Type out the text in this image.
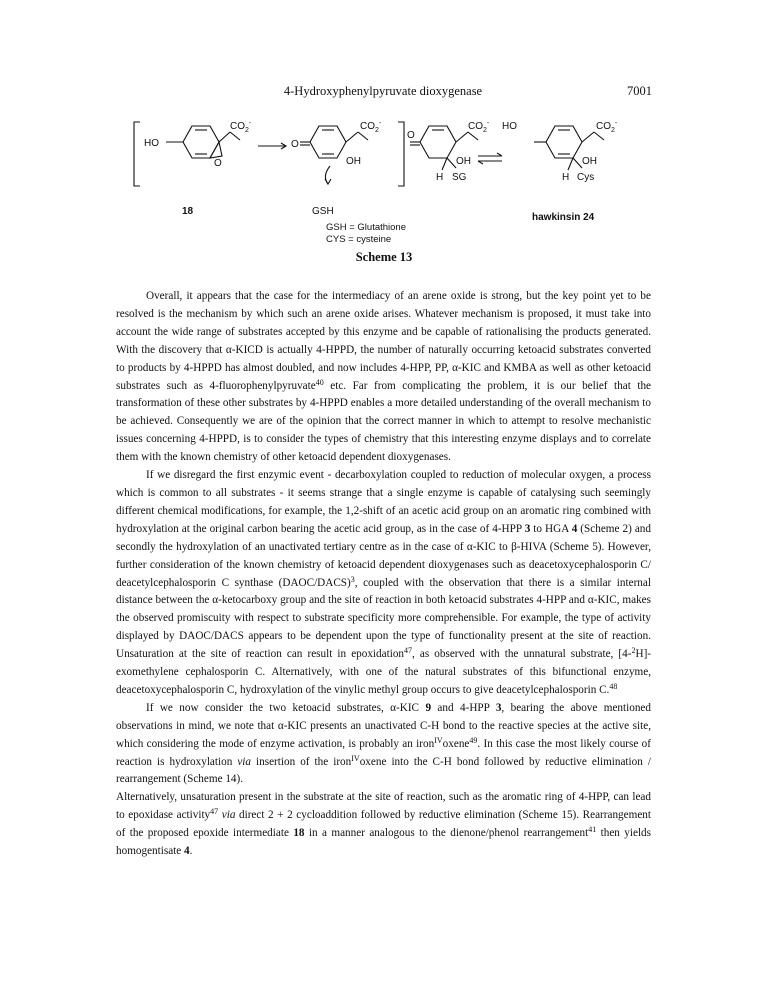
4-Hydroxyphenylpyruvate dioxygenase	7001
HO
$CO_2^-$
O
O
$CO_2^-$
OH
O
$CO_2^-$ HO
OH
H SG
$CO_2^-$
OH
H Cys
18	GSH
GSH = Glutathione
CYS = cysteine
hawkinsin 24
Scheme 13

Overall, it appears that the case for the intermediacy of an arene oxide is strong, but the key point yet to be resolved is the mechanism by which such an arene oxide arises. Whatever mechanism is proposed, it must take into account the wide range of substrates accepted by this enzyme and be capable of rationalising the products generated. With the discovery that α-KICD is actually 4-HPPD, the number of naturally occurring ketoacid substrates converted to products by 4-HPPD has almost doubled, and now includes 4-HPP, PP, α-KIC and KMBA as well as other ketoacid substrates such as 4-fluorophenylpyruvate$^{40}$ etc. Far from complicating the problem, it is our belief that the transformation of these other substrates by 4-HPPD enables a more detailed understanding of the overall mechanism to be achieved. Consequently we are of the opinion that the correct manner in which to attempt to resolve mechanistic issues concerning 4-HPPD, is to consider the types of chemistry that this interesting enzyme displays and to correlate them with the known chemistry of other ketoacid dependent dioxygenases.

If we disregard the first enzymic event - decarboxylation coupled to reduction of molecular oxygen, a process which is common to all substrates - it seems strange that a single enzyme is capable of catalysing such seemingly different chemical modifications, for example, the 1,2-shift of an acetic acid group on an aromatic ring combined with hydroxylation at the original carbon bearing the acetic acid group, as in the case of 4-HPP 3 to HGA 4 (Scheme 2) and secondly the hydroxylation of an unactivated tertiary centre as in the case of α-KIC to β-HIVA (Scheme 5). However, further consideration of the known chemistry of ketoacid dependent dioxygenases such as deacetoxycephalosporin C/ deacetylcephalosporin C synthase (DAOC/DACS)$^3$, coupled with the observation that there is a similar internal distance between the α-ketocarboxy group and the site of reaction in both ketoacid substrates 4-HPP and α-KIC, makes the observed promiscuity with respect to substrate specificity more comprehensible. For example, the type of activity displayed by DAOC/DACS appears to be dependent upon the type of functionality present at the site of reaction. Unsaturation at the site of reaction can result in epoxidation$^{47}$, as observed with the unnatural substrate, [4-$^2$H]-exomethylene cephalosporin C. Alternatively, with one of the natural substrates of this bifunctional enzyme, deacetoxycephalosporin C, hydroxylation of the vinylic methyl group occurs to give deacetylcephalosporin C.$^{48}$

If we now consider the two ketoacid substrates, α-KIC 9 and 4-HPP 3, bearing the above mentioned observations in mind, we note that α-KIC presents an unactivated C-H bond to the reactive species at the active site, which considering the mode of enzyme activation, is probably an iron$^{IV}$oxene$^{49}$. In this case the most likely course of reaction is hydroxylation via insertion of the iron$^{IV}$oxene into the C-H bond followed by reductive elimination / rearrangement (Scheme 14).

Alternatively, unsaturation present in the substrate at the site of reaction, such as the aromatic ring of 4-HPP, can lead to epoxidase activity$^{47}$ via direct 2 + 2 cycloaddition followed by reductive elimination (Scheme 15). Rearrangement of the proposed epoxide intermediate 18 in a manner analogous to the dienone/phenol rearrangement$^{41}$ then yields homogentisate 4.
